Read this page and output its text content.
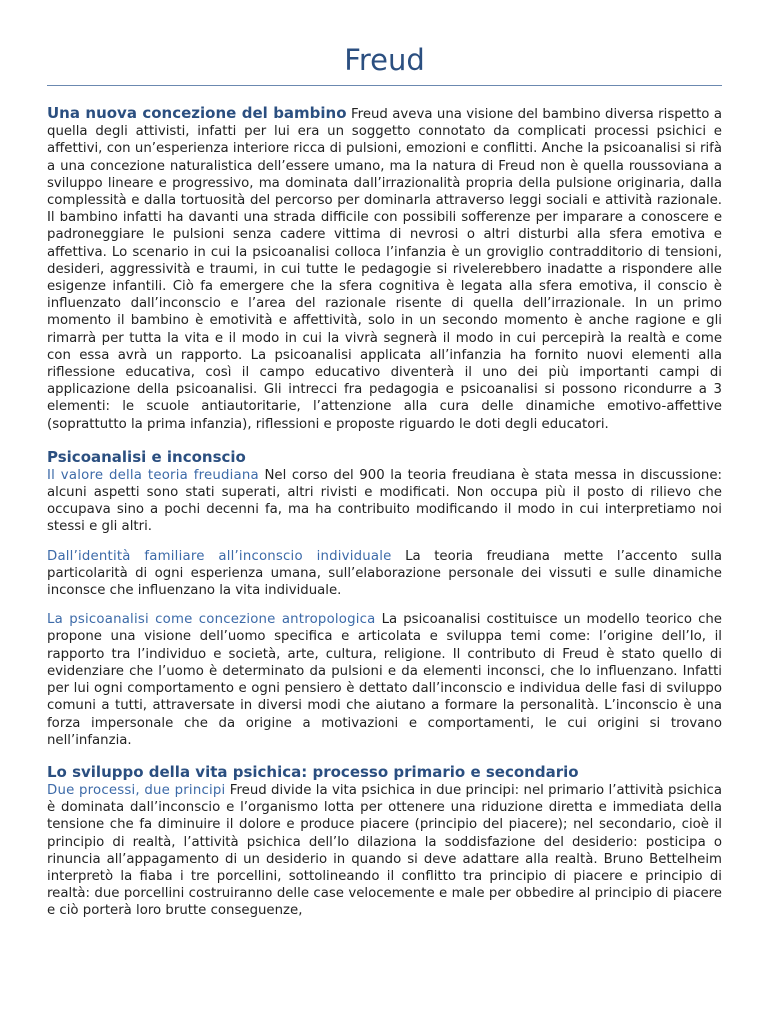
Freud

Una nuova concezione del bambino Freud aveva una visione del bambino diversa rispetto a quella degli attivisti, infatti per lui era un soggetto connotato da complicati processi psichici e affettivi, con un’esperienza interiore ricca di pulsioni, emozioni e conflitti. Anche la psicoanalisi si rifà a una concezione naturalistica dell’essere umano, ma la natura di Freud non è quella roussoviana a sviluppo lineare e progressivo, ma dominata dall’irrazionalità propria della pulsione originaria, dalla complessità e dalla tortuosità del percorso per dominarla attraverso leggi sociali e attività razionale. Il bambino infatti ha davanti una strada difficile con possibili sofferenze per imparare a conoscere e padroneggiare le pulsioni senza cadere vittima di nevrosi o altri disturbi alla sfera emotiva e affettiva. Lo scenario in cui la psicoanalisi colloca l’infanzia è un groviglio contradditorio di tensioni, desideri, aggressività e traumi, in cui tutte le pedagogie si rivelerebbero inadatte a rispondere alle esigenze infantili. Ciò fa emergere che la sfera cognitiva è legata alla sfera emotiva, il conscio è influenzato dall’inconscio e l’area del razionale risente di quella dell’irrazionale. In un primo momento il bambino è emotività e affettività, solo in un secondo momento è anche ragione e gli rimarrà per tutta la vita e il modo in cui la vivrà segnerà il modo in cui percepirà la realtà e come con essa avrà un rapporto. La psicoanalisi applicata all’infanzia ha fornito nuovi elementi alla riflessione educativa, così il campo educativo diventerà il uno dei più importanti campi di applicazione della psicoanalisi. Gli intrecci fra pedagogia e psicoanalisi si possono ricondurre a 3 elementi: le scuole antiautoritarie, l’attenzione alla cura delle dinamiche emotivo-affettive (soprattutto la prima infanzia), riflessioni e proposte riguardo le doti degli educatori.

Psicoanalisi e inconscio

Il valore della teoria freudiana Nel corso del 900 la teoria freudiana è stata messa in discussione: alcuni aspetti sono stati superati, altri rivisti e modificati. Non occupa più il posto di rilievo che occupava sino a pochi decenni fa, ma ha contribuito modificando il modo in cui interpretiamo noi stessi e gli altri.

Dall’identità familiare all’inconscio individuale La teoria freudiana mette l’accento sulla particolarità di ogni esperienza umana, sull’elaborazione personale dei vissuti e sulle dinamiche inconsce che influenzano la vita individuale.

La psicoanalisi come concezione antropologica La psicoanalisi costituisce un modello teorico che propone una visione dell’uomo specifica e articolata e sviluppa temi come: l’origine dell’Io, il rapporto tra l’individuo e società, arte, cultura, religione. Il contributo di Freud è stato quello di evidenziare che l’uomo è determinato da pulsioni e da elementi inconsci, che lo influenzano. Infatti per lui ogni comportamento e ogni pensiero è dettato dall’inconscio e individua delle fasi di sviluppo comuni a tutti, attraversate in diversi modi che aiutano a formare la personalità. L’inconscio è una forza impersonale che da origine a motivazioni e comportamenti, le cui origini si trovano nell’infanzia.

Lo sviluppo della vita psichica: processo primario e secondario

Due processi, due principi Freud divide la vita psichica in due principi: nel primario l’attività psichica è dominata dall’inconscio e l’organismo lotta per ottenere una riduzione diretta e immediata della tensione che fa diminuire il dolore e produce piacere (principio del piacere); nel secondario, cioè il principio di realtà, l’attività psichica dell’Io dilaziona la soddisfazione del desiderio: posticipa o rinuncia all’appagamento di un desiderio in quando si deve adattare alla realtà. Bruno Bettelheim interpretò la fiaba i tre porcellini, sottolineando il conflitto tra principio di piacere e principio di realtà: due porcellini costruiranno delle case velocemente e male per obbedire al principio di piacere e ciò porterà loro brutte conseguenze,
